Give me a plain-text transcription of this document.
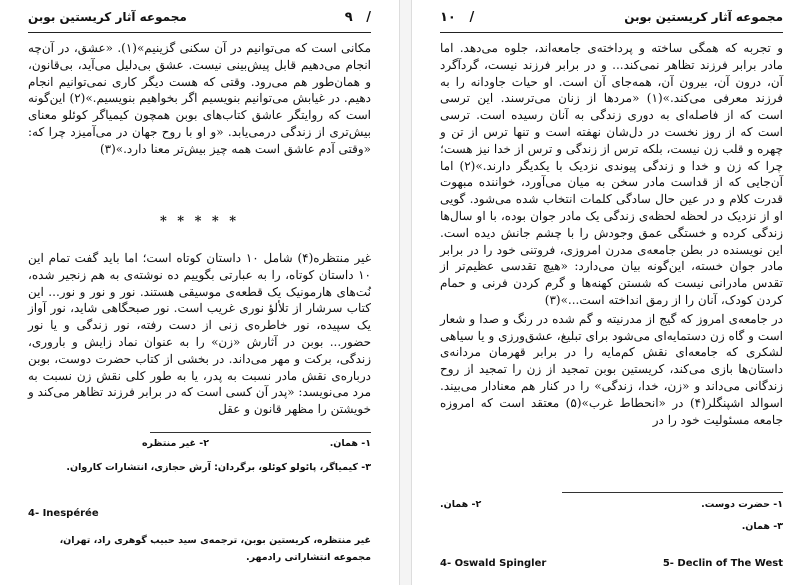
٩ /
مجموعه آثار کریستین بوبن

مکانی است که می‌توانیم در آن سکنی گزینیم»(۱). «عشق، در آن‌چه انجام می‌دهیم قابل پیش‌بینی نیست. عشق بی‌دلیل می‌آید، بی‌قانون، و همان‌طور هم می‌رود. وقتی که هست دیگر کاری نمی‌توانیم انجام دهیم. در غیابش می‌توانیم بنویسیم اگر بخواهیم بنویسیم.»(۲) این‌گونه است که روایتگر عاشق کتاب‌های بوبن همچون کیمیاگر کوئلو معنای بیش‌تری از زندگی درمی‌یابد. «و او با روح جهان در می‌آمیزد چرا که: «وقتی آدم عاشق است همه چیز بیش‌تر معنا دارد.»(۳)

* * * * *

غیر منتظره(۴) شامل ۱۰ داستان کوتاه است؛ اما باید گفت تمام این ۱۰ داستان کوتاه، را به عبارتی بگوییم ده نوشته‌ی به هم زنجیر شده، نُت‌های هارمونیک یک قطعه‌ی موسیقی هستند. نور و نور و نور... این کتاب سرشار از تلألؤ نوری غریب است. نور صبحگاهی شاید، نور آواز یک سپیده، نور خاطره‌ی زنی از دست رفته، نور زندگی و یا نور حضور... بوبن در آثارش «زن» را به عنوان نماد زایش و باروری، زندگی، برکت و مهر می‌داند. در بخشی از کتاب حضرت دوست، بوبن درباره‌ی نقش مادر نسبت به پدر، یا به طور کلی نقش زن نسبت به مرد می‌نویسد: «پدر آن کسی است که در برابر فرزند تظاهر می‌کند و خویشتن را مظهر قانون و عقل

۱- همان.
۲- غیر منتظره
۳- کیمیاگر، پائولو کوئلو، برگردان: آرش حجازی، انتشارات کاروان.
4- Inespérée
غیر منتظره، کریستین بوبن، ترجمه‌ی سید حبیب گوهری راد، تهران، مجموعه انتشاراتی رادمهر.
۱۰ /	مجموعه آثار کریستین بوبن

و تجربه که همگی ساخته و پرداخته‌ی جامعه‌اند، جلوه می‌دهد. اما مادر برابر فرزند تظاهر نمی‌کند... و در برابر فرزند نیست، گردآگرد آن، درون آن، بیرون آن، همه‌جای آن است. او حیات جاودانه را به فرزند معرفی می‌کند.»(۱) «مردها از زنان می‌ترسند. این ترسی است که از فاصله‌ای به دوری زندگی به آنان رسیده است. ترسی است که از روز نخست در دل‌شان نهفته است و تنها ترس از تن و چهره و قلب زن نیست، بلکه ترس از زندگی و ترس از خدا نیز هست؛ چرا که زن و خدا و زندگی پیوندی نزدیک با یکدیگر دارند.»(۲) اما آن‌جایی که از قداست مادر سخن به میان می‌آورد، خواننده مبهوت قدرت کلام و در عین حال سادگی کلمات انتخاب شده می‌شود. گویی او از نزدیک در لحظه لحظه‌ی زندگی یک مادر جوان بوده، با او سال‌ها زندگی کرده و خستگی عمق وجودش را با چشم جانش دیده است. این نویسنده در بطن جامعه‌ی مدرن امروزی، فروتنی خود را در برابر مادر جوان خسته، این‌گونه بیان می‌دارد: «هیچ تقدسی عظیم‌تر از تقدس مادرانی نیست که شستن کهنه‌ها و گرم کردن فرنی و حمام کردن کودک، آنان را از رمق انداخته است...»(۳)

در جامعه‌ی امروز که گیج از مدرنیته و گم شده در رنگ و صدا و شعار است و گاه زن دستمایه‌ای می‌شود برای تبلیغ، عشق‌ورزی و یا سیاهی لشکری که جامعه‌ای نقش کم‌مایه را در برابر قهرمان مردانه‌ی داستان‌ها بازی می‌کند، کریستین بوبن تمجید از زن را تمجید از روح زندگانی می‌داند و «زن، خدا، زندگی» را در کنار هم معنادار می‌بیند. اسوالد اشپنگلر(۴) در «انحطاط غرب»(۵) معتقد است که امروزه جامعه مسئولیت خود را در

۱- حضرت دوست.
۲- همان.
۳- همان.
4- Oswald Spingler	5- Declin of The West
